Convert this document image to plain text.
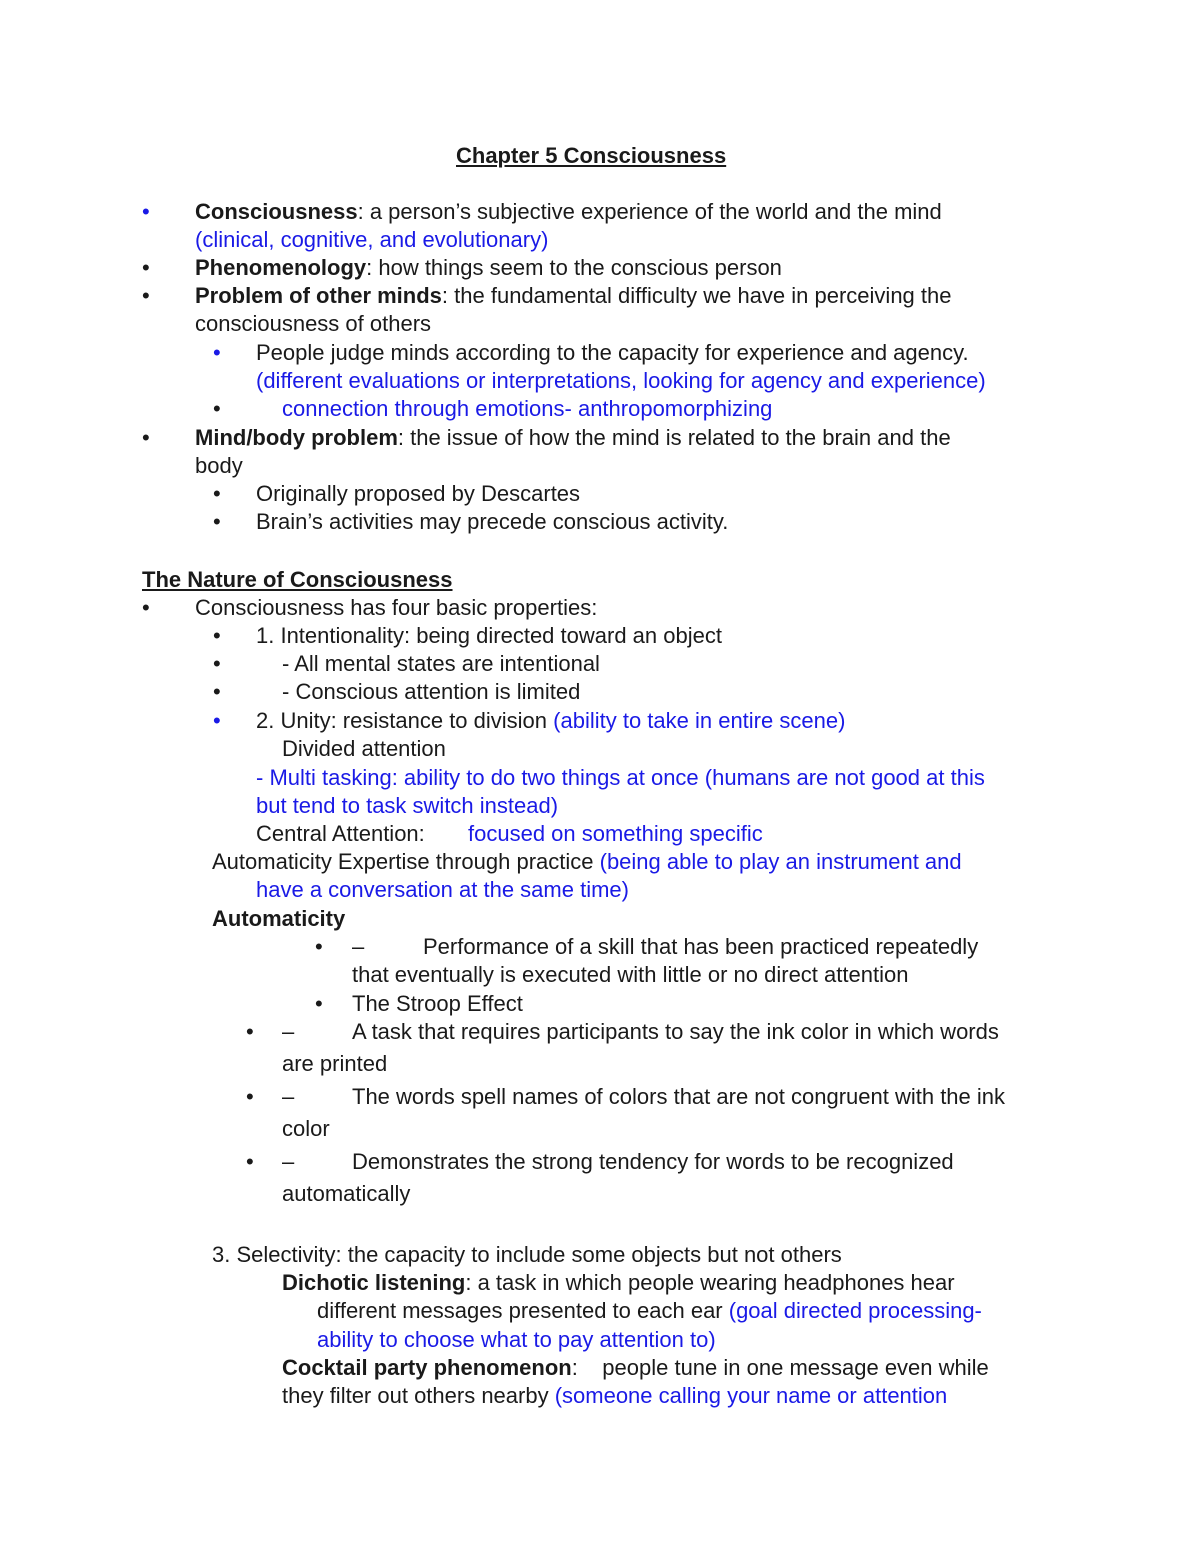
Chapter 5 Consciousness
• Consciousness: a person’s subjective experience of the world and the mind
(clinical, cognitive, and evolutionary)
• Phenomenology: how things seem to the conscious person
• Problem of other minds: the fundamental difficulty we have in perceiving the
consciousness of others
• People judge minds according to the capacity for experience and agency.
(different evaluations or interpretations, looking for agency and experience)
•	connection through emotions- anthropomorphizing
• Mind/body problem: the issue of how the mind is related to the brain and the
body
• Originally proposed by Descartes
• Brain’s activities may precede conscious activity.
The Nature of Consciousness
• Consciousness has four basic properties:
• 1. Intentionality: being directed toward an object
•	- All mental states are intentional
•	- Conscious attention is limited
• 2. Unity: resistance to division (ability to take in entire scene)
Divided attention
- Multi tasking: ability to do two things at once (humans are not good at this
but tend to task switch instead)
Central Attention: focused on something specific
Automaticity Expertise through practice (being able to play an instrument and
have a conversation at the same time)
Automaticity
• –	Performance of a skill that has been practiced repeatedly
that eventually is executed with little or no direct attention
• The Stroop Effect
• –	A task that requires participants to say the ink color in which words
are printed
• –	The words spell names of colors that are not congruent with the ink
color
• –	Demonstrates the strong tendency for words to be recognized
automatically
3. Selectivity: the capacity to include some objects but not others
Dichotic listening: a task in which people wearing headphones hear
different messages presented to each ear (goal directed processing-
ability to choose what to pay attention to)
Cocktail party phenomenon:    people tune in one message even while
they filter out others nearby (someone calling your name or attention
